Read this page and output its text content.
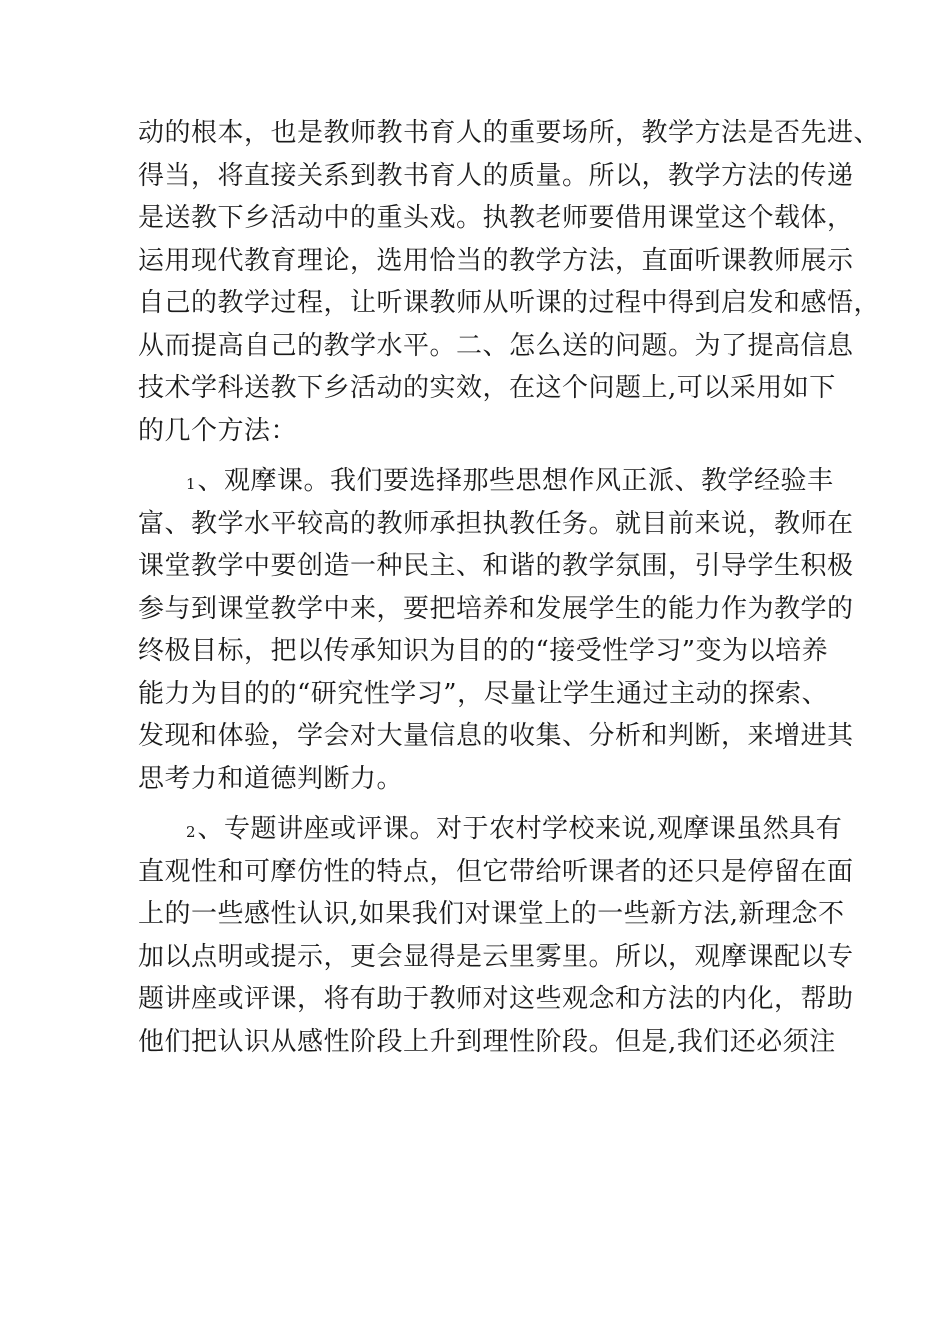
动的根本，也是教师教书育人的重要场所，教学方法是否先进、
得当，将直接关系到教书育人的质量。所以，教学方法的传递
是送教下乡活动中的重头戏。执教老师要借用课堂这个载体，
运用现代教育理论，选用恰当的教学方法，直面听课教师展示
自己的教学过程，让听课教师从听课的过程中得到启发和感悟，
从而提高自己的教学水平。二、怎么送的问题。为了提高信息
技术学科送教下乡活动的实效，在这个问题上,可以采用如下
的几个方法：
1、观摩课。我们要选择那些思想作风正派、教学经验丰
富、教学水平较高的教师承担执教任务。就目前来说，教师在
课堂教学中要创造一种民主、和谐的教学氛围，引导学生积极
参与到课堂教学中来，要把培养和发展学生的能力作为教学的
终极目标，把以传承知识为目的的“接受性学习”变为以培养
能力为目的的“研究性学习”，尽量让学生通过主动的探索、
发现和体验，学会对大量信息的收集、分析和判断，来增进其
思考力和道德判断力。
2、专题讲座或评课。对于农村学校来说,观摩课虽然具有
直观性和可摩仿性的特点，但它带给听课者的还只是停留在面
上的一些感性认识,如果我们对课堂上的一些新方法,新理念不
加以点明或提示，更会显得是云里雾里。所以，观摩课配以专
题讲座或评课，将有助于教师对这些观念和方法的内化，帮助
他们把认识从感性阶段上升到理性阶段。但是,我们还必须注
